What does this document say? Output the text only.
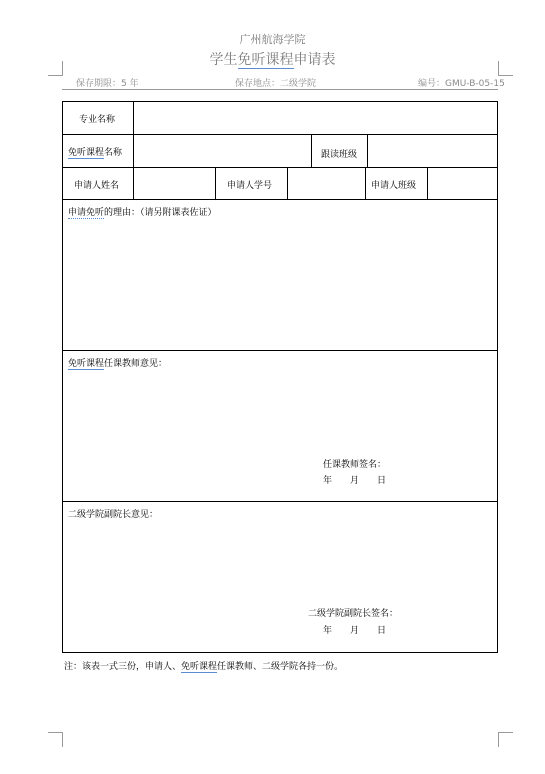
广州航海学院
学生免听课程申请表
保存期限：5 年	保存地点：二级学院	编号：GMU-B-05-15
专业名称
免听课程名称	跟读班级
申请人姓名	申请人学号	申请人班级
申请免听的理由：（请另附课表佐证）
免听课程任课教师意见：
任课教师签名：
年　　月　　日
二级学院副院长意见：
二级学院副院长签名：
年　　月　　日
注：该表一式三份，申请人、免听课程任课教师、二级学院各持一份。
